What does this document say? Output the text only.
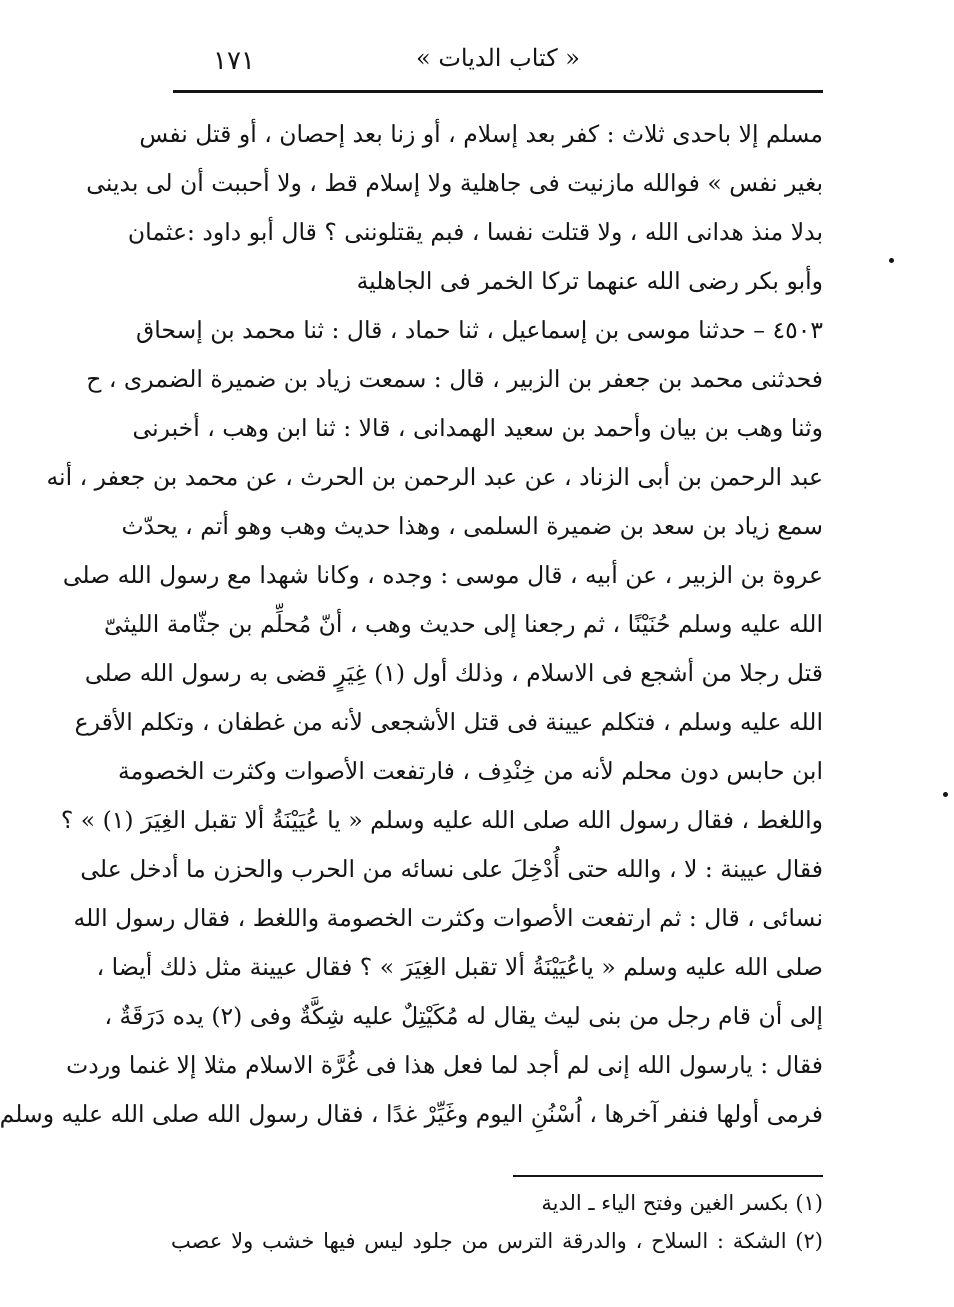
« كتاب الديات »
١٧١
مسلم إلا باحدى ثلاث : كفر بعد إسلام ، أو زنا بعد إحصان ، أو قتل نفس
بغير نفس » فوالله مازنيت فى جاهلية ولا إسلام قط ، ولا أحببت أن لى بدينى
بدلا منذ هدانى الله ، ولا قتلت نفسا ، فبم يقتلوننى ؟ قال أبو داود :عثمان
وأبو بكر رضى الله عنهما تركا الخمر فى الجاهلية
٤٥٠٣ – حدثنا موسى بن إسماعيل ، ثنا حماد ، قال : ثنا محمد بن إسحاق
فحدثنى محمد بن جعفر بن الزبير ، قال : سمعت زياد بن ضميرة الضمرى ، ح
وثنا وهب بن بيان وأحمد بن سعيد الهمدانى ، قالا : ثنا ابن وهب ، أخبرنى
عبد الرحمن بن أبى الزناد ، عن عبد الرحمن بن الحرث ، عن محمد بن جعفر ، أنه
سمع زياد بن سعد بن ضميرة السلمى ، وهذا حديث وهب وهو أتم ، يحدّث
عروة بن الزبير ، عن أبيه ، قال موسى : وجده ، وكانا شهدا مع رسول الله صلى
الله عليه وسلم حُنَيْنًا ، ثم رجعنا إلى حديث وهب ، أنّ مُحلِّم بن جثّامة الليثىّ
قتل رجلا من أشجع فى الاسلام ، وذلك أول (١) غِيَرٍ قضى به رسول الله صلى
الله عليه وسلم ، فتكلم عيينة فى قتل الأشجعى لأنه من غطفان ، وتكلم الأقرع
ابن حابس دون محلم لأنه من خِنْدِف ، فارتفعت الأصوات وكثرت الخصومة
واللغط ، فقال رسول الله صلى الله عليه وسلم « يا عُيَيْنَةُ ألا تقبل الغِيَرَ (١) » ؟
فقال عيينة : لا ، والله حتى أُدْخِلَ على نسائه من الحرب والحزن ما أدخل على
نسائى ، قال : ثم ارتفعت الأصوات وكثرت الخصومة واللغط ، فقال رسول الله
صلى الله عليه وسلم « ياعُيَيْنَةُ ألا تقبل الغِيَرَ » ؟ فقال عيينة مثل ذلك أيضا ،
إلى أن قام رجل من بنى ليث يقال له مُكَيْتِلٌ عليه شِكَّةٌ وفى (٢) يده دَرَقَةٌ ،
فقال : يارسول الله إنى لم أجد لما فعل هذا فى غُرَّة الاسلام مثلا إلا غنما وردت
فرمى أولها فنفر آخرها ، اُسْنُنِ اليوم وغَيِّرْ غدًا ، فقال رسول الله صلى الله عليه وسلم
(١) بكسر الغين وفتح الياء ـ الدية
(٢) الشكة : السلاح ، والدرقة الترس من جلود ليس فيها خشب ولا عصب
